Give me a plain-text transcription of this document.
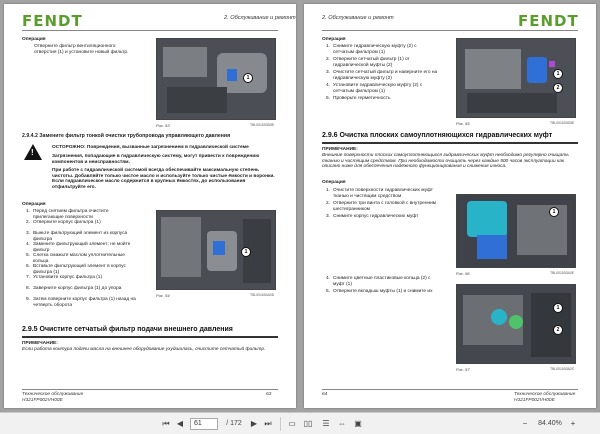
FENDT	2. Обслуживание и ремонт
Операция
Отверните фильтр вентиляционного отверстия (1) и установите новый фильтр.
1
Рис. 53	TBL0011B3D5E
2.9.4.2 Замените фильтр тонкой очистки трубопровода управляющего давления
!
ОСТОРОЖНО: Повреждения, вызванные загрязнением в гидравлической системе
Загрязнения, попадающие в гидравлическую систему, могут привести к повреждению компонентов и неисправностям.
При работе с гидравлической системой всегда обеспечивайте максимальную степень чистоты. Добавляйте только чистое масло и используйте только чистые ёмкости и воронки. Если гидравлическое масло содержится в крупных ёмкостях, до использования отфильтруйте его.
Операция
1. Перед снятием фильтра очистите прилегающие поверхности
2. Отверните корпус фильтра (1)
3. Выньте фильтрующий элемент из корпуса фильтра
4. Замените фильтрующий элемент; не мойте фильтр
5. Слегка смажьте маслом уплотнительные кольца
6. Вставьте фильтрующий элемент в корпус фильтра (1)
7. Установите корпус фильтра (1)
8. Заверните корпус фильтра (1) до упора
9. Затем поверните корпус фильтра (1) назад на четверть оборота
1
Рис. 54	TBL0011B4A0D
2.9.5 Очистите сетчатый фильтр подачи внешнего давления
ПРИМЕЧАНИЕ:
Если работа контура подачи масла на внешнее оборудование ухудшилась, очистите сетчатый фильтр.
Техническое обслуживание
H321FP002VH00E
63
2. Обслуживание и ремонт	FENDT
Операция
1. Снимите гидравлическую муфту (2) с сетчатым фильтром (1)
2. Отверните сетчатый фильтр (1) от гидравлической муфты (2)
3. Очистите сетчатый фильтр и наверните его на гидравлическую муфту (2)
4. Установите гидравлическую муфту (2) с сетчатым фильтром (1)
5. Проверьте герметичность
1
2
Рис. 55	TBL0011B3D5E
2.9.6 Очистка плоских самоуплотняющихся гидравлических муфт
ПРИМЕЧАНИЕ:
Внешние поверхности плоских самоуплотняющихся гидравлических муфт необходимо регулярно очищать тканью и чистящим средством. При необходимости очищать через каждые 500 часов эксплуатации как описано ниже для обеспечения надёжного функционирования и снижения износа.
Операция
1. Очистите поверхности гидравлических муфт тканью и чистящим средством
2. Отверните три винта с головкой с внутренним шестигранником
3. Снимите корпус гидравлических муфт
1
Рис. 56	TBL0011B3A0E
4. Снимите цветные пластиковые кольца (2) с муфт (1)
5. Отверните вкладыш муфты (1) и снимите их
1
2
Рис. 57	TBL0011B3A2C
64	Техническое обслуживание
H321FP002VH00E
⏮ ◀	61	/ 172	▶ ⏭	▭ ▯▯	☰	⇔ ▣	−	84.40%	+
